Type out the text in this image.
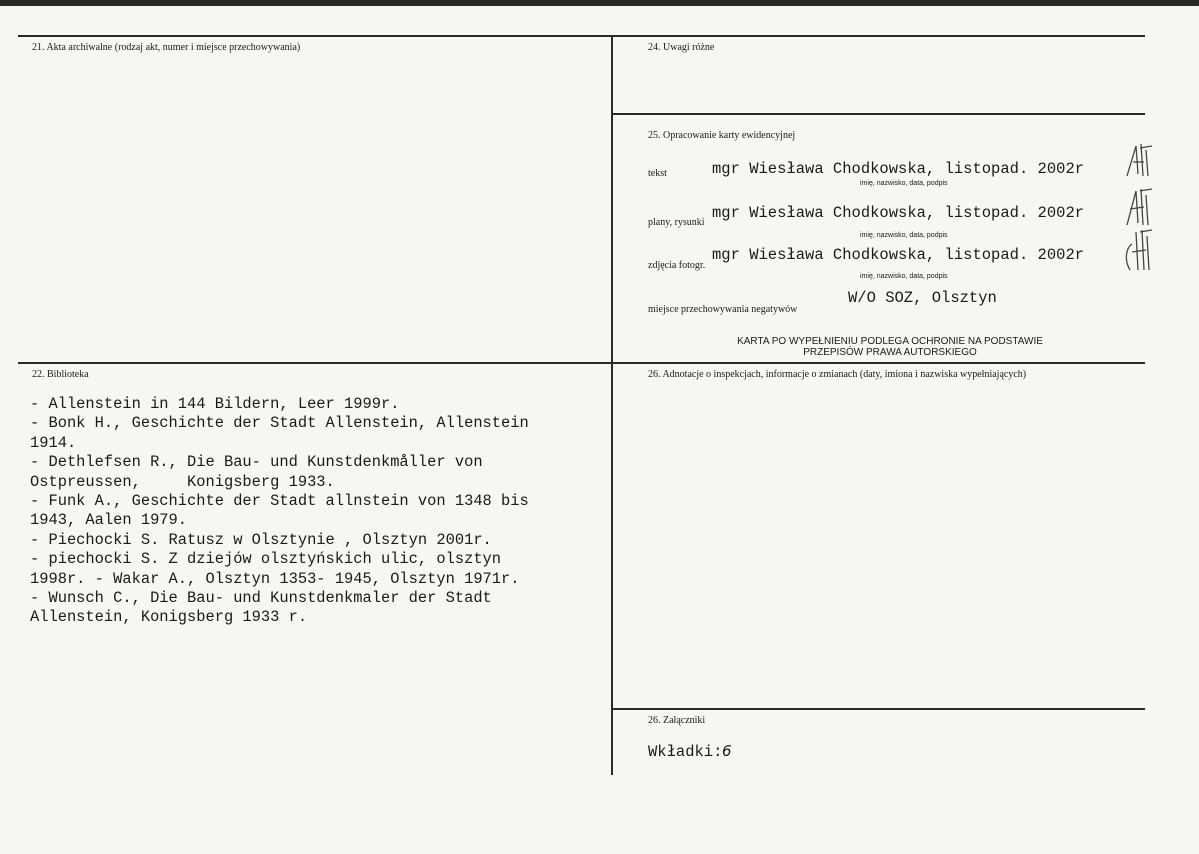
21. Akta archiwalne (rodzaj akt, numer i miejsce przechowywania)	24. Uwagi różne
25. Opracowanie karty ewidencyjnej
tekst	mgr Wiesława Chodkowska, listopad. 2002r
imię, nazwisko, data, podpis
plany, rysunki
mgr Wiesława Chodkowska, listopad. 2002r
imię, nazwisko, data, podpis
zdjęcia fotogr.
mgr Wiesława Chodkowska, listopad. 2002r
imię, nazwisko, data, podpis
miejsce przechowywania negatywów
W/O SOZ, Olsztyn
KARTA PO WYPEŁNIENIU PODLEGA OCHRONIE NA PODSTAWIE
PRZEPISÓW PRAWA AUTORSKIEGO
22. Biblioteka
- Allenstein in 144 Bildern, Leer 1999r.
- Bonk H., Geschichte der Stadt Allenstein, Allenstein
1914.
- Dethlefsen R., Die Bau- und Kunstdenkmåller von
Ostpreussen,     Konigsberg 1933.
- Funk A., Geschichte der Stadt allnstein von 1348 bis
1943, Aalen 1979.
- Piechocki S. Ratusz w Olsztynie , Olsztyn 2001r.
- piechocki S. Z dziejów olsztyńskich ulic, olsztyn
1998r. - Wakar A., Olsztyn 1353- 1945, Olsztyn 1971r.
- Wunsch C., Die Bau- und Kunstdenkmaler der Stadt
Allenstein, Konigsberg 1933 r.
26. Adnotacje o inspekcjach, informacje o zmianach (daty, imiona i nazwiska wypełniających)
26. Załączniki
Wkładki: 6
